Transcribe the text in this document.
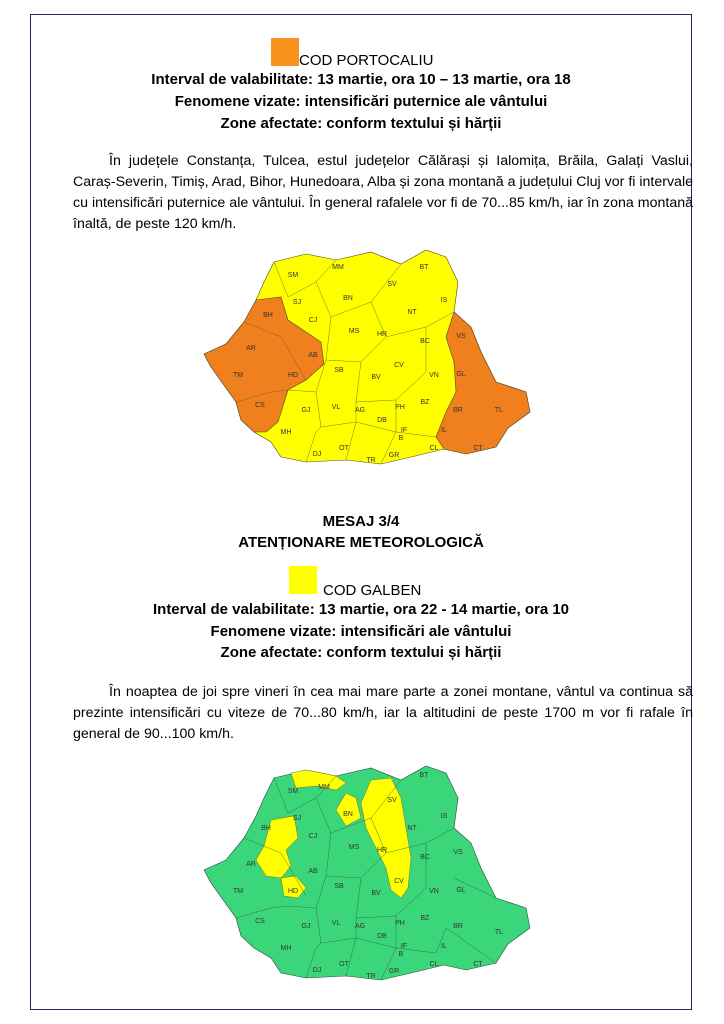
COD PORTOCALIU
Interval de valabilitate: 13 martie, ora 10 – 13 martie, ora 18
Fenomene vizate: intensificări puternice ale vântului
Zone afectate: conform textului și hărții
În județele Constanța, Tulcea, estul județelor Călărași și Ialomița, Brăila, Galați Vaslui, Caraș-Severin, Timiș, Arad, Bihor, Hunedoara, Alba și zona montană a județului Cluj vor fi intervale cu intensificări puternice ale vântului. În general rafalele vor fi de 70...85 km/h, iar în zona montană înaltă, de peste 120 km/h.
SM
MM	BT
SV
IS
BH
SJ
BN
CJ
NT
MS	HR
BC
VS
AR
AB
SB
CV
VN GL
TM	HD	BV
BZ
BR	TL
CS
GJ	VL AG	PH
DB
IF
B
IL
CT
MH
DJ
OT
TR
GR
CL
MESAJ 3/4
ATENȚIONARE METEOROLOGICĂ
COD GALBEN
Interval de valabilitate: 13 martie, ora 22 - 14 martie, ora 10
Fenomene vizate: intensificări ale vântului
Zone afectate: conform textului și hărții
În noaptea de joi spre vineri în cea mai mare parte a zonei montane, vântul va continua să prezinte intensificări cu viteze de 70...80 km/h, iar la altitudini de peste 1700 m vor fi rafale în general de 90...100 km/h.
SM
MM
BT
SV
IS
BH
SJ
BN
CJ
NT
MS	HR
BC
VS
AR
AB
SB
CV
VN GL
TM	HD	BV
BZ
BR
TL
CS
GJ	VL AG	PH
DB
IF
B
IL
CT
MH
DJ
OT
TR
GR
CL
